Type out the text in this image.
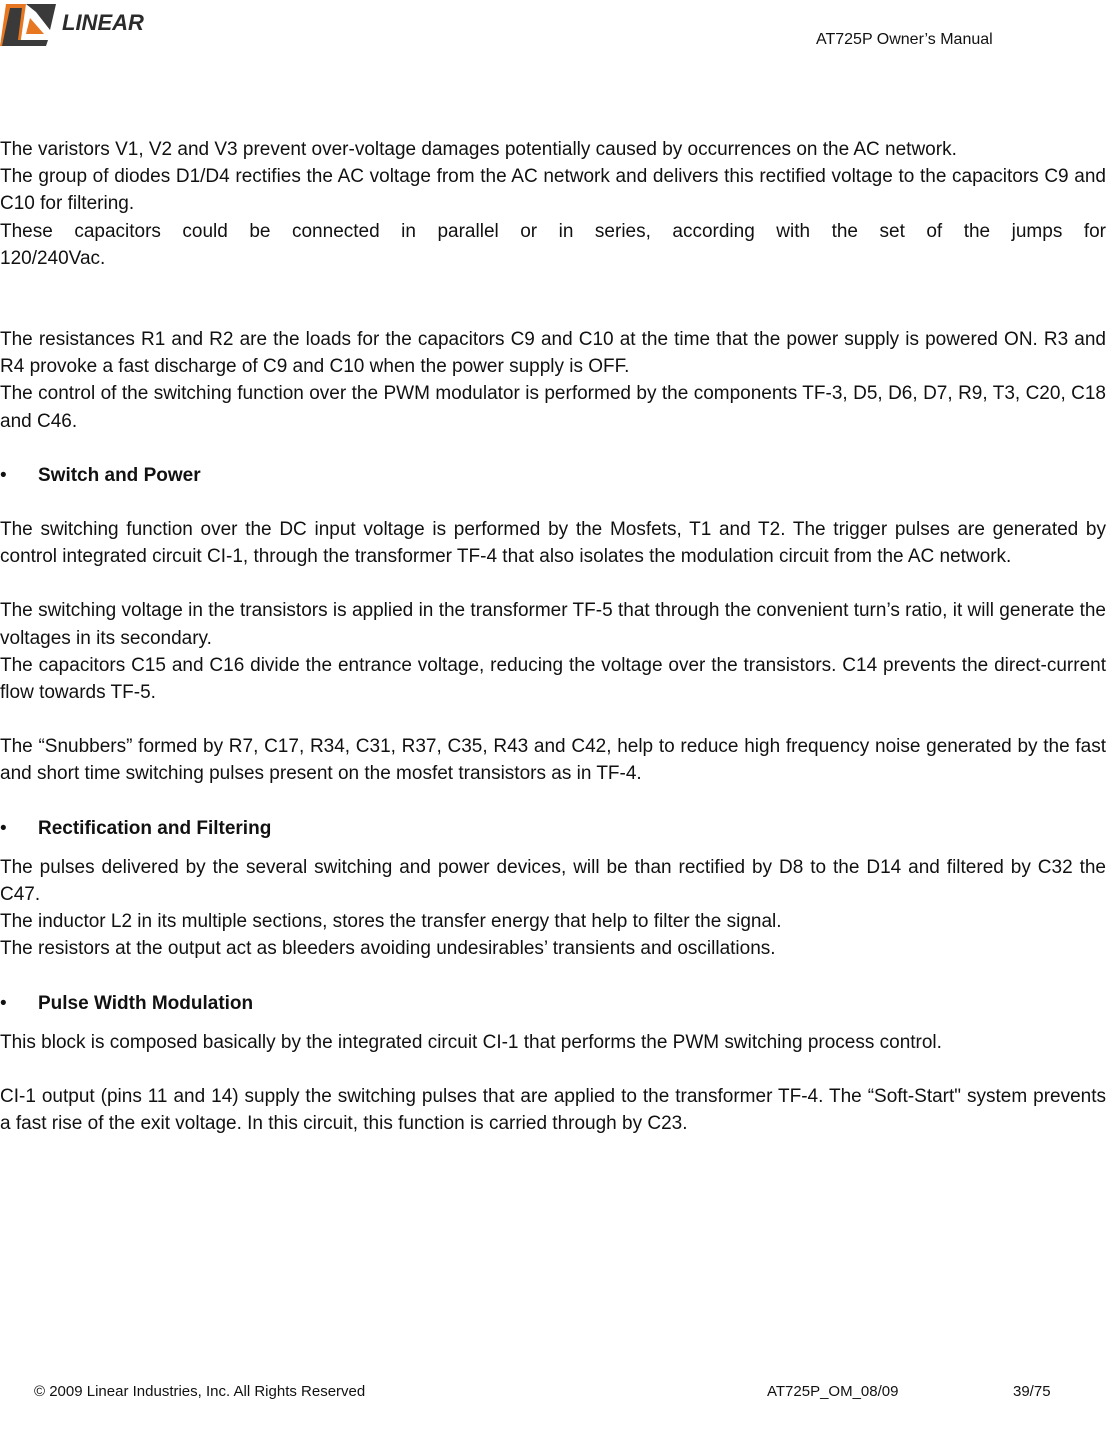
LINEAR
AT725P Owner’s Manual

The varistors V1, V2 and V3 prevent over-voltage damages potentially caused by occurrences on the AC network.

The group of diodes D1/D4 rectifies the AC voltage from the AC network and delivers this rectified voltage to the capacitors C9 and C10 for filtering.

These capacitors could be connected in parallel or in series, according with the set of the jumps for 120/240Vac.

The resistances R1 and R2 are the loads for the capacitors C9 and C10 at the time that the power supply is powered ON. R3 and R4 provoke a fast discharge of C9 and C10 when the power supply is OFF.

The control of the switching function over the PWM modulator is performed by the components TF-3, D5, D6, D7, R9, T3, C20, C18 and C46.

•	Switch and Power

The switching function over the DC input voltage is performed by the Mosfets, T1 and T2. The trigger pulses are generated by control integrated circuit CI-1, through the transformer TF-4 that also isolates the modulation circuit from the AC network.

The switching voltage in the transistors is applied in the transformer TF-5 that through the convenient turn’s ratio, it will generate the voltages in its secondary.

The capacitors C15 and C16 divide the entrance voltage, reducing the voltage over the transistors. C14 prevents the direct-current flow towards TF-5.

The “Snubbers” formed by R7, C17, R34, C31, R37, C35, R43 and C42, help to reduce high frequency noise generated by the fast and short time switching pulses present on the mosfet transistors as in TF-4.

•	Rectification and Filtering

The pulses delivered by the several switching and power devices, will be than rectified by D8 to the D14 and filtered by C32 the C47.

The inductor L2 in its multiple sections, stores the transfer energy that help to filter the signal.

The resistors at the output act as bleeders avoiding undesirables’ transients and oscillations.

•	Pulse Width Modulation

This block is composed basically by the integrated circuit CI-1 that performs the PWM switching process control.

CI-1 output (pins 11 and 14) supply the switching pulses that are applied to the transformer TF-4. The “Soft-Start" system prevents a fast rise of the exit voltage. In this circuit, this function is carried through by C23.

© 2009 Linear Industries, Inc. All Rights Reserved	AT725P_OM_08/09	39/75
